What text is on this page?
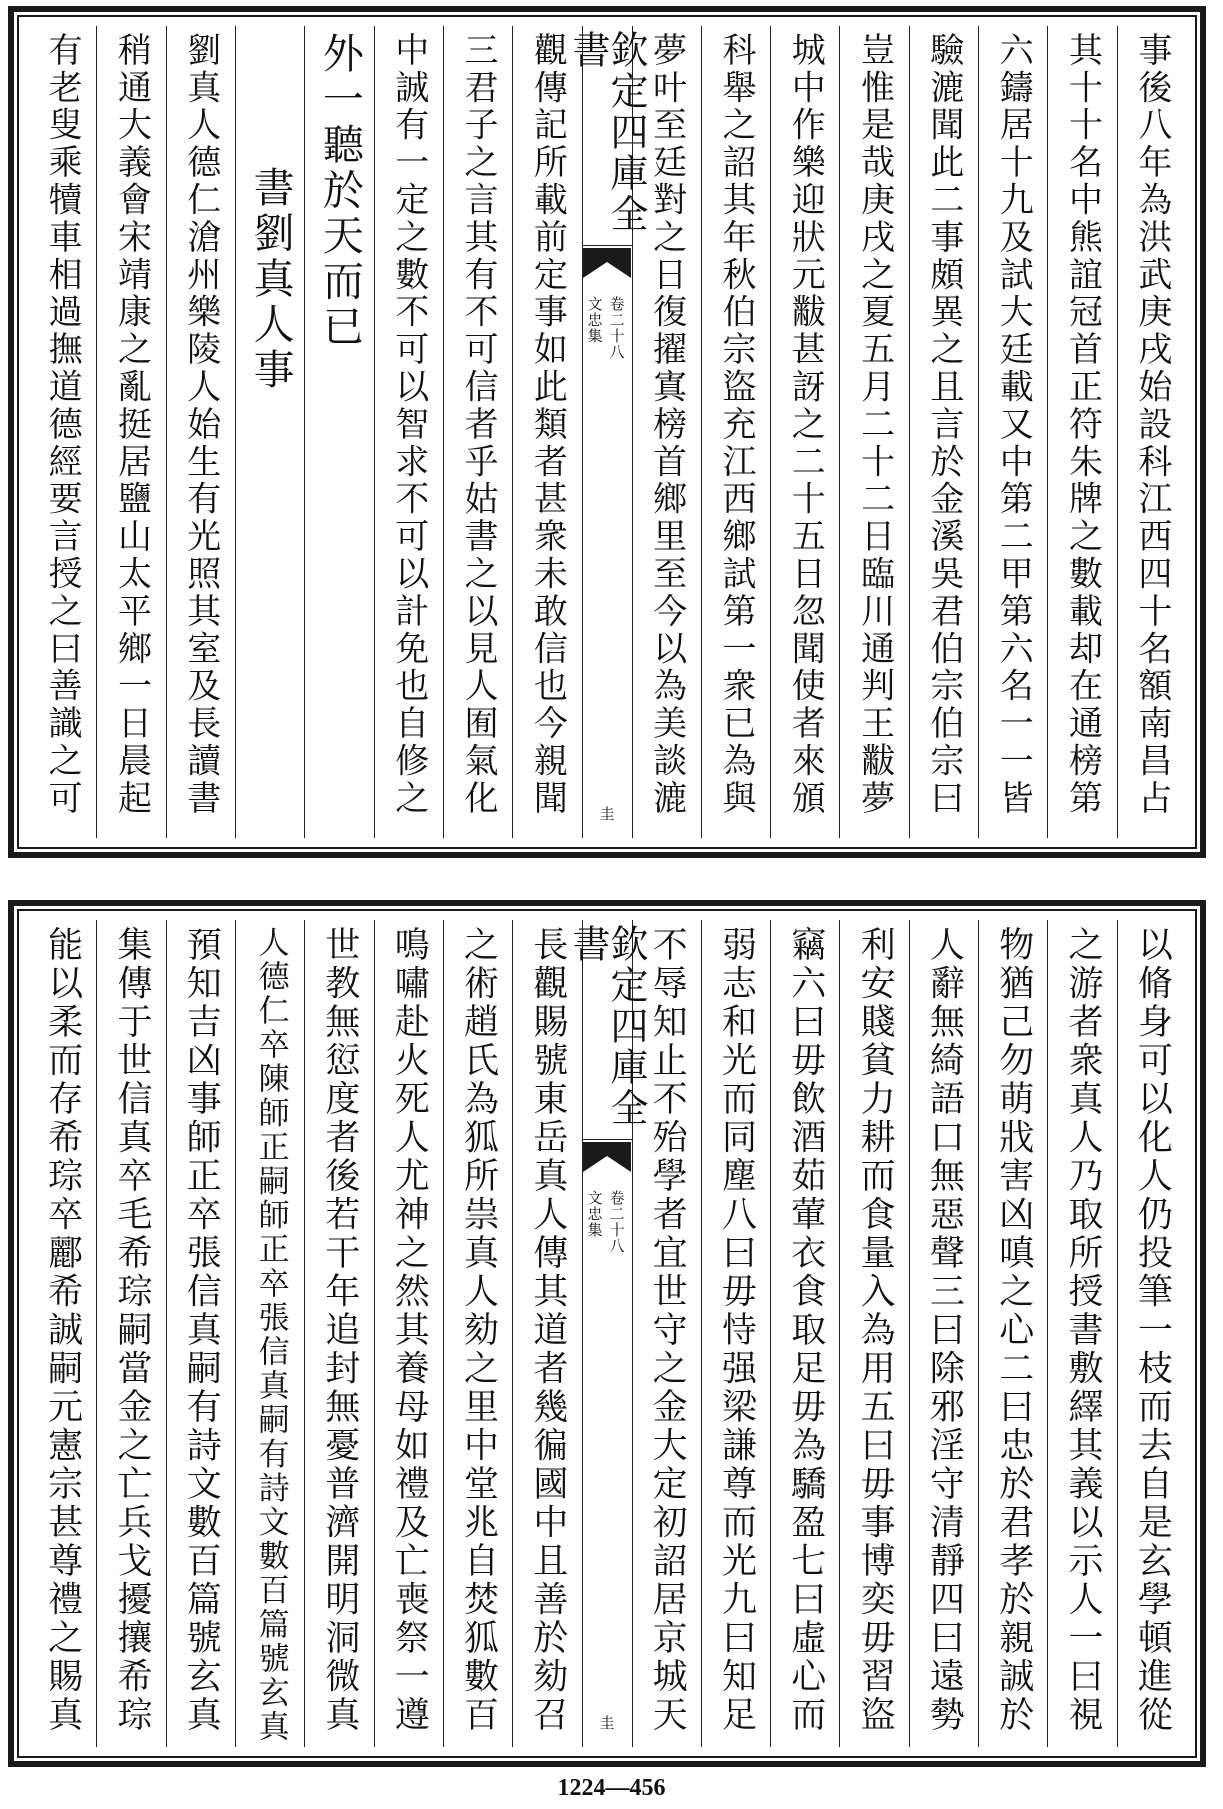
事後八年為洪武庚戌始設科江西四十名額南昌占
其十十名中熊誼冠首正符朱牌之數載却在通榜第
六鑄居十九及試大廷載又中第二甲第六名一一皆
驗漉聞此二事頗異之且言於金溪吳君伯宗伯宗曰
豈惟是哉庚戌之夏五月二十二日臨川通判王黻夢
城中作樂迎狀元黻甚訝之二十五日忽聞使者來頒
科舉之詔其年秋伯宗盜充江西鄉試第一衆已為與
夢叶至廷對之日復擢寘榜首鄉里至今以為美談漉
欽定四庫全書
文忠集 卷二十八
圭
觀傳記所載前定事如此類者甚衆未敢信也今親聞
三君子之言其有不可信者乎姑書之以見人囿氣化
中誠有一定之數不可以智求不可以計免也自修之
外一聽於天而已
書劉真人事
劉真人德仁滄州樂陵人始生有光照其室及長讀書
稍通大義會宋靖康之亂挺居鹽山太平鄉一日晨起
有老叟乘犢車相過撫道德經要言授之曰善識之可
以脩身可以化人仍投筆一枝而去自是玄學頓進從
之游者衆真人乃取所授書敷繹其義以示人一曰視
物猶己勿萌戕害凶嗔之心二曰忠於君孝於親誠於
人辭無綺語口無惡聲三曰除邪淫守清靜四曰遠勢
利安賤貧力耕而食量入為用五曰毋事博奕毋習盜
竊六曰毋飲酒茹葷衣食取足毋為驕盈七曰虛心而
弱志和光而同塵八曰毋恃强梁謙尊而光九曰知足
不辱知止不殆學者宜世守之金大定初詔居京城天
欽定四庫全書
文忠集 卷二十八
圭
長觀賜號東岳真人傳其道者幾徧國中且善於劾召
之術趙氏為狐所祟真人劾之里中堂兆自焚狐數百
鳴嘯赴火死人尤神之然其養母如禮及亡喪祭一遵
世教無愆度者後若干年追封無憂普濟開明洞微真
人德仁卒陳師正嗣師正卒張信真嗣有詩文數百篇號玄真
預知吉凶事師正卒張信真嗣有詩文數百篇號玄真
集傳于世信真卒毛希琮嗣當金之亡兵戈擾攘希琮
能以柔而存希琮卒酈希誠嗣元憲宗甚尊禮之賜真
1224—456
